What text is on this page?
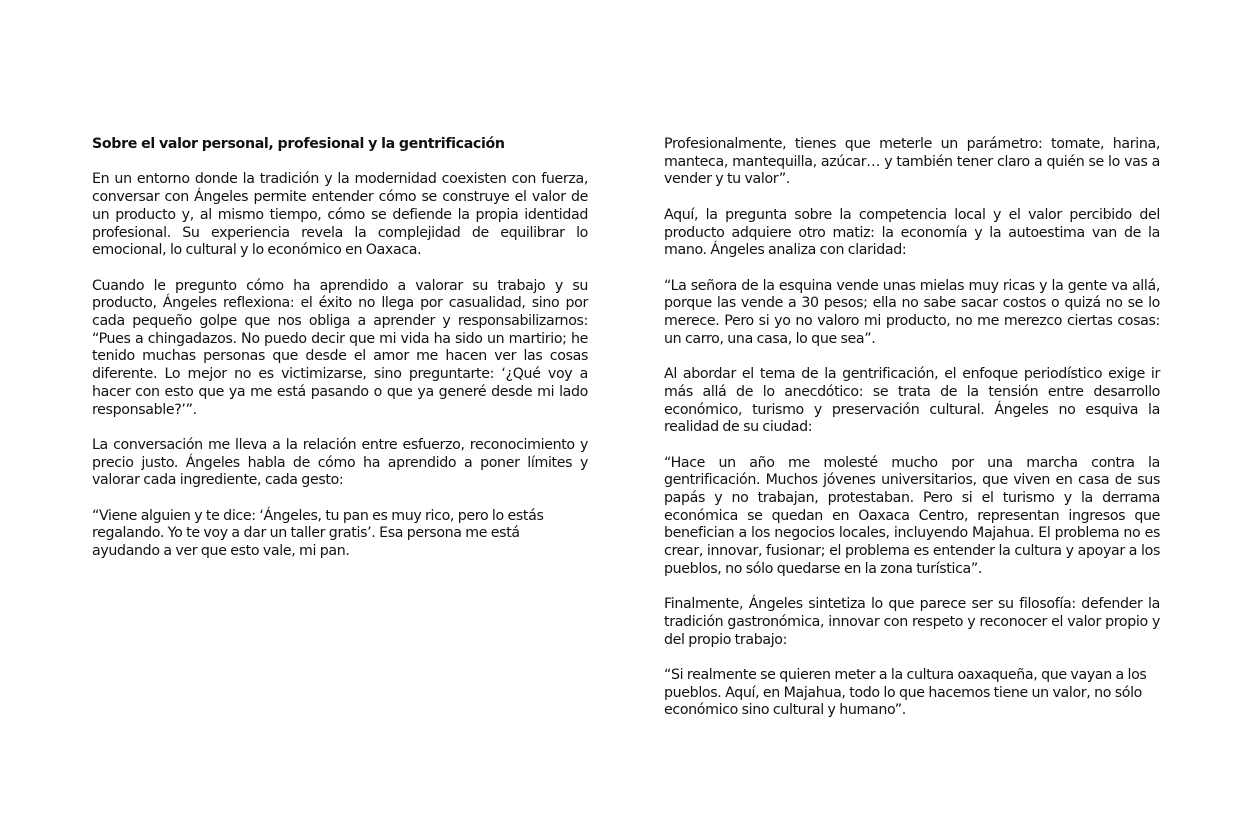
Sobre el valor personal, profesional y la gentrificación

En un entorno donde la tradición y la modernidad coexisten con fuerza, conversar con Ángeles permite entender cómo se construye el valor de un producto y, al mismo tiempo, cómo se defiende la propia identidad profesional. Su experiencia revela la complejidad de equilibrar lo emocional, lo cultural y lo económico en Oaxaca.

Cuando le pregunto cómo ha aprendido a valorar su trabajo y su producto, Ángeles reflexiona: el éxito no llega por casualidad, sino por cada pequeño golpe que nos obliga a aprender y responsabilizarnos: “Pues a chingadazos. No puedo decir que mi vida ha sido un martirio; he tenido muchas personas que desde el amor me hacen ver las cosas diferente. Lo mejor no es victimizarse, sino preguntarte: ‘¿Qué voy a hacer con esto que ya me está pasando o que ya generé desde mi lado responsable?’”.

La conversación me lleva a la relación entre esfuerzo, reconocimiento y precio justo. Ángeles habla de cómo ha aprendido a poner límites y valorar cada ingrediente, cada gesto:

“Viene alguien y te dice: ‘Ángeles, tu pan es muy rico, pero lo estás regalando. Yo te voy a dar un taller gratis’. Esa persona me está ayudando a ver que esto vale, mi pan.

Profesionalmente, tienes que meterle un parámetro: tomate, harina, manteca, mantequilla, azúcar… y también tener claro a quién se lo vas a vender y tu valor”.

Aquí, la pregunta sobre la competencia local y el valor percibido del producto adquiere otro matiz: la economía y la autoestima van de la mano. Ángeles analiza con claridad:

“La señora de la esquina vende unas mielas muy ricas y la gente va allá, porque las vende a 30 pesos; ella no sabe sacar costos o quizá no se lo merece. Pero si yo no valoro mi producto, no me merezco ciertas cosas: un carro, una casa, lo que sea”.

Al abordar el tema de la gentrificación, el enfoque periodístico exige ir más allá de lo anecdótico: se trata de la tensión entre desarrollo económico, turismo y preservación cultural. Ángeles no esquiva la realidad de su ciudad:

“Hace un año me molesté mucho por una marcha contra la gentrificación. Muchos jóvenes universitarios, que viven en casa de sus papás y no trabajan, protestaban. Pero si el turismo y la derrama económica se quedan en Oaxaca Centro, representan ingresos que benefician a los negocios locales, incluyendo Majahua. El problema no es crear, innovar, fusionar; el problema es entender la cultura y apoyar a los pueblos, no sólo quedarse en la zona turística”.

Finalmente, Ángeles sintetiza lo que parece ser su filosofía: defender la tradición gastronómica, innovar con respeto y reconocer el valor propio y del propio trabajo:

“Si realmente se quieren meter a la cultura oaxaqueña, que vayan a los pueblos. Aquí, en Majahua, todo lo que hacemos tiene un valor, no sólo económico sino cultural y humano”.
